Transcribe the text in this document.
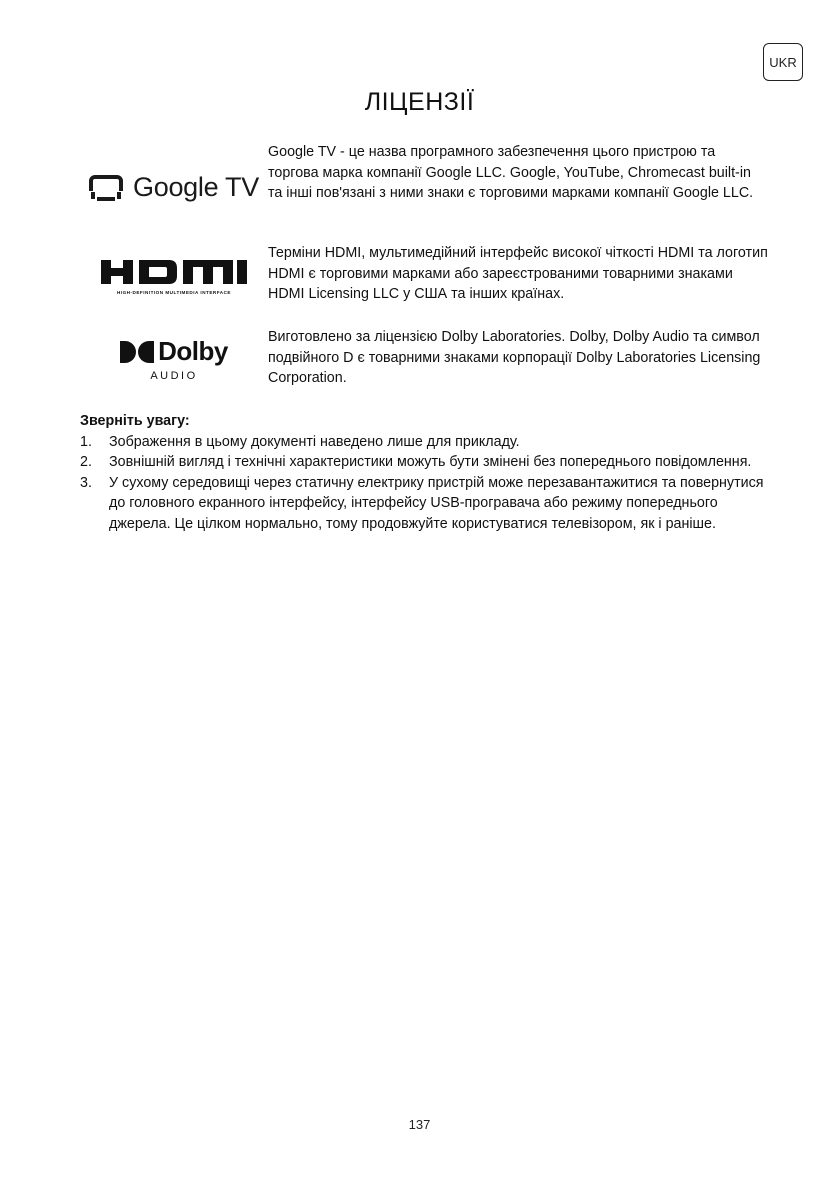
UKR
ЛІЦЕНЗІЇ
Google TV
Google TV - це назва програмного забезпечення цього пристрою та торгова марка компанії Google LLC. Google, YouTube, Chromecast built-in та інші пов'язані з ними знаки є торговими марками компанії Google LLC.
HIGH-DEFINITION MULTIMEDIA INTERFACE
Терміни HDMI, мультимедійний інтерфейс високої чіткості HDMI та логотип HDMI є торговими марками або зареєстрованими товарними знаками HDMI Licensing LLC у США та інших країнах.
Dolby
AUDIO
Виготовлено за ліцензією Dolby Laboratories. Dolby, Dolby Audio та символ подвійного D є товарними знаками корпорації Dolby Laboratories Licensing Corporation.
Зверніть увагу:
1.	Зображення в цьому документі наведено лише для прикладу.
2.	Зовнішній вигляд і технічні характеристики можуть бути змінені без попереднього повідомлення.
3.	У сухому середовищі через статичну електрику пристрій може перезавантажитися та повернутися до головного екранного інтерфейсу, інтерфейсу USB-програвача або режиму попереднього джерела. Це цілком нормально, тому продовжуйте користуватися телевізором, як і раніше.
137
